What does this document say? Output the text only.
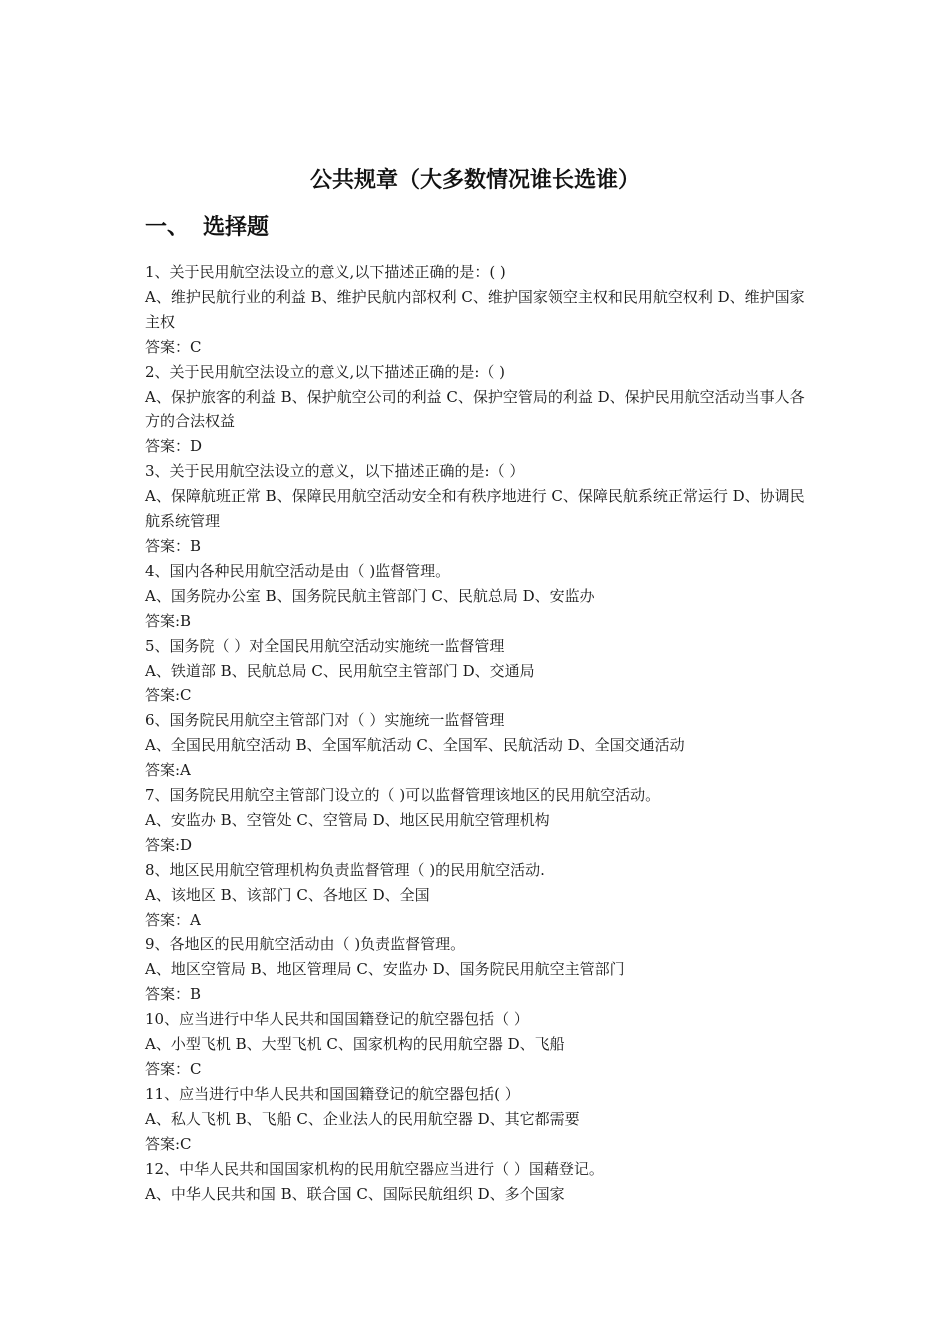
公共规章（大多数情况谁长选谁）
一、 选择题
1、关于民用航空法设立的意义,以下描述正确的是：( )
A、维护民航行业的利益 B、维护民航内部权利 C、维护国家领空主权和民用航空权利 D、维护国家主权
答案：C
2、关于民用航空法设立的意义,以下描述正确的是:（ )
A、保护旅客的利益 B、保护航空公司的利益 C、保护空管局的利益 D、保护民用航空活动当事人各方的合法权益
答案：D
3、关于民用航空法设立的意义，以下描述正确的是:（ ）
A、保障航班正常 B、保障民用航空活动安全和有秩序地进行 C、保障民航系统正常运行 D、协调民航系统管理
答案：B
4、国内各种民用航空活动是由（ )监督管理。
A、国务院办公室 B、国务院民航主管部门 C、民航总局 D、安监办
答案:B
5、国务院（ ）对全国民用航空活动实施统一监督管理
A、铁道部 B、民航总局 C、民用航空主管部门 D、交通局
答案:C
6、国务院民用航空主管部门对（ ）实施统一监督管理
A、全国民用航空活动 B、全国军航活动 C、全国军、民航活动 D、全国交通活动
答案:A
7、国务院民用航空主管部门设立的（ )可以监督管理该地区的民用航空活动。
A、安监办 B、空管处 C、空管局 D、地区民用航空管理机构
答案:D
8、地区民用航空管理机构负责监督管理（ )的民用航空活动.
A、该地区 B、该部门 C、各地区 D、全国
答案：A
9、各地区的民用航空活动由（ )负责监督管理。
A、地区空管局 B、地区管理局 C、安监办 D、国务院民用航空主管部门
答案：B
10、应当进行中华人民共和国国籍登记的航空器包括（ ）
A、小型飞机 B、大型飞机 C、国家机构的民用航空器 D、飞船
答案：C
11、应当进行中华人民共和国国籍登记的航空器包括( ）
A、私人飞机 B、飞船 C、企业法人的民用航空器 D、其它都需要
答案:C
12、中华人民共和国国家机构的民用航空器应当进行（ ）国藉登记。
A、中华人民共和国 B、联合国 C、国际民航组织 D、多个国家
